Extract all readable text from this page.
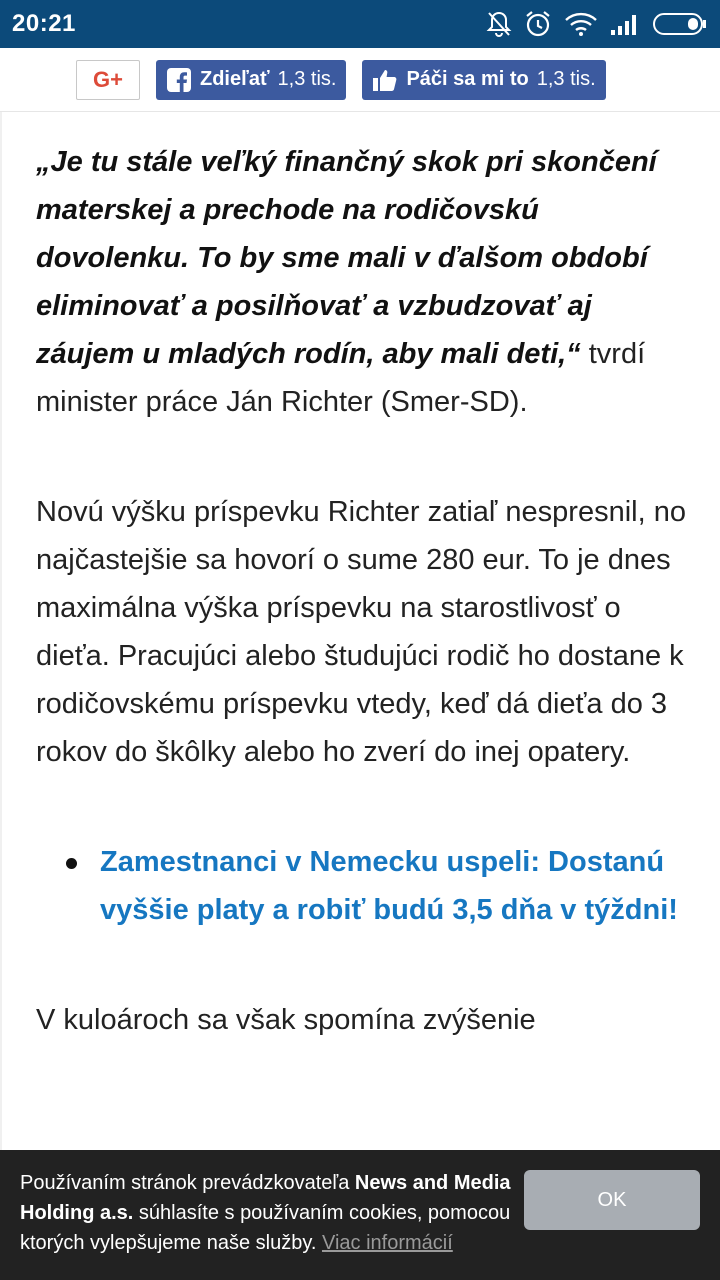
20:21
G+	Zdieľať 1,3 tis.	Páči sa mi to 1,3 tis.

„Je tu stále veľký finančný skok pri skončení materskej a prechode na rodičovskú dovolenku. To by sme mali v ďalšom období eliminovať a posilňovať a vzbudzovať aj záujem u mladých rodín, aby mali deti,“ tvrdí minister práce Ján Richter (Smer-SD).

Novú výšku príspevku Richter zatiaľ nespresnil, no najčastejšie sa hovorí o sume 280 eur. To je dnes maximálna výška príspevku na starostlivosť o dieťa. Pracujúci alebo študujúci rodič ho dostane k rodičovskému príspevku vtedy, keď dá dieťa do 3 rokov do škôlky alebo ho zverí do inej opatery.

Zamestnanci v Nemecku uspeli: Dostanú vyššie platy a robiť budú 3,5 dňa v týždni!

V kuloároch sa však spomína zvýšenie

Používaním stránok prevádzkovateľa News and Media Holding a.s. súhlasíte s používaním cookies, pomocou ktorých vylepšujeme naše služby. Viac informácií
OK
